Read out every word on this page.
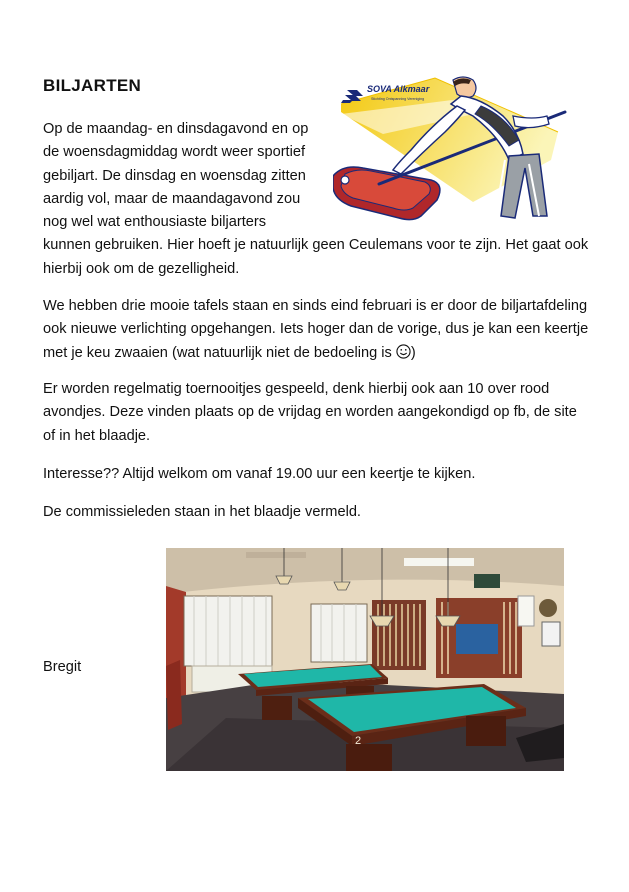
BILJARTEN

Op de maandag- en dinsdagavond en op de woensdagmiddag wordt weer sportief gebiljart. De dinsdag en woensdag zitten aardig vol, maar de maandagavond zou nog wel wat enthousiaste biljarters kunnen gebruiken. Hier hoeft je natuurlijk geen Ceulemans voor te zijn. Het gaat ook hierbij ook om de gezelligheid.

We hebben drie mooie tafels staan en sinds eind februari is er door de biljartafdeling ook nieuwe verlichting opgehangen. Iets hoger dan de vorige, dus je kan een keertje met je keu zwaaien (wat natuurlijk niet de bedoeling is )

Er worden regelmatig toernooitjes gespeeld, denk hierbij ook aan 10 over rood avondjes. Deze vinden plaats op de vrijdag en worden aangekondigd op fb, de site of in het blaadje.

Interesse?? Altijd welkom om vanaf 19.00 uur een keertje te kijken.

De commissieleden staan in het blaadje vermeld.

Bregit

SOVA Alkmaar
Stichting Ontspanning Vereniging
2
